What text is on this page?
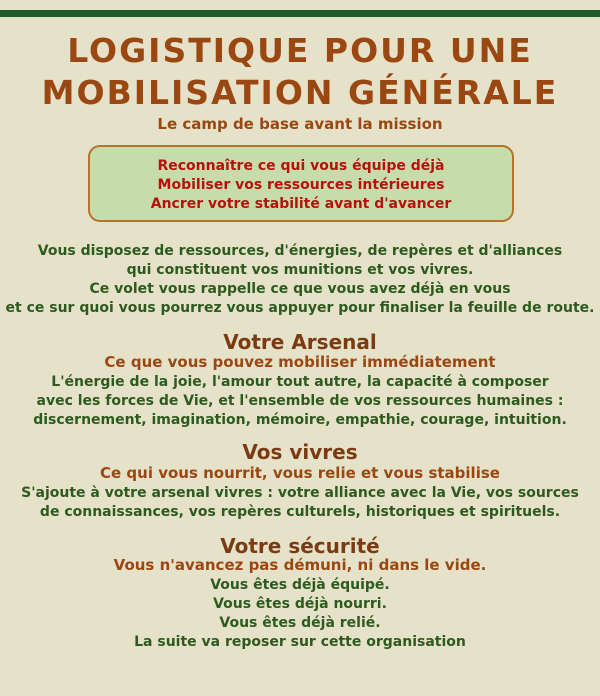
LOGISTIQUE POUR UNE
MOBILISATION GÉNÉRALE
Le camp de base avant la mission
Reconnaître ce qui vous équipe déjà
Mobiliser vos ressources intérieures
Ancrer votre stabilité avant d'avancer
Vous disposez de ressources, d'énergies, de repères et d'alliances
qui constituent vos munitions et vos vivres.
Ce volet vous rappelle ce que vous avez déjà en vous
et ce sur quoi vous pourrez vous appuyer pour finaliser la feuille de route.
Votre Arsenal
Ce que vous pouvez mobiliser immédiatement
L'énergie de la joie, l'amour tout autre, la capacité à composer
avec les forces de Vie, et l'ensemble de vos ressources humaines :
discernement, imagination, mémoire, empathie, courage, intuition.
Vos vivres
Ce qui vous nourrit, vous relie et vous stabilise
S'ajoute à votre arsenal vivres : votre alliance avec la Vie, vos sources
de connaissances, vos repères culturels, historiques et spirituels.
Votre sécurité
Vous n'avancez pas démuni, ni dans le vide.
Vous êtes déjà équipé.
Vous êtes déjà nourri.
Vous êtes déjà relié.
La suite va reposer sur cette organisation
